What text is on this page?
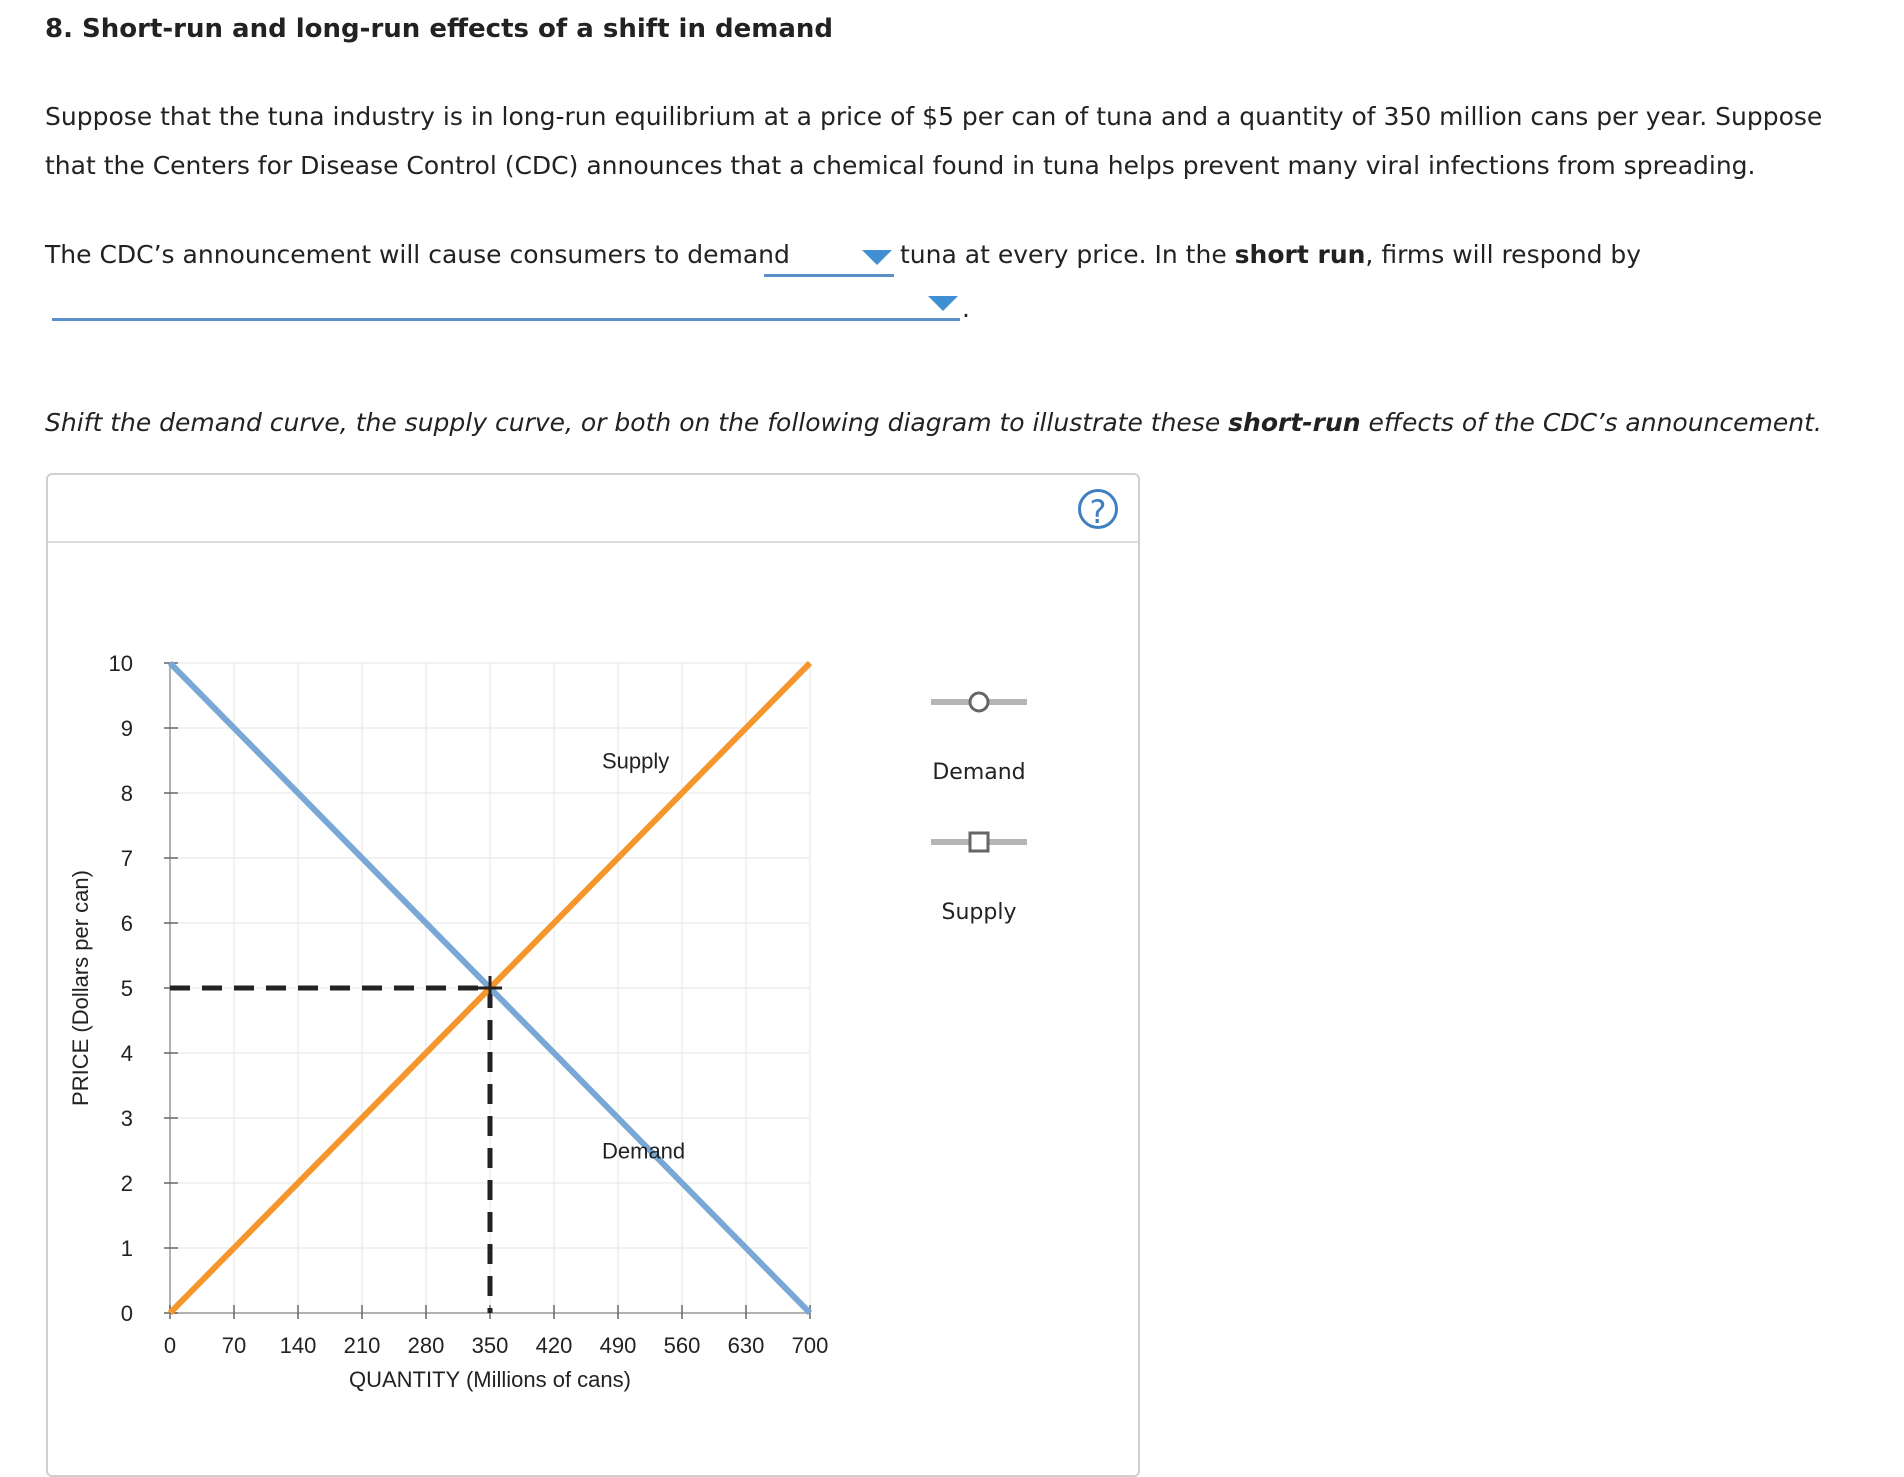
8. Short-run and long-run effects of a shift in demand
Suppose that the tuna industry is in long-run equilibrium at a price of $5 per can of tuna and a quantity of 350 million cans per year. Suppose that the Centers for Disease Control (CDC) announces that a chemical found in tuna helps prevent many viral infections from spreading.
The CDC’s announcement will cause consumers to demand	tuna at every price. In the short run, firms will respond by
.
Shift the demand curve, the supply curve, or both on the following diagram to illustrate these short-run effects of the CDC’s announcement.
?
0
1
2
3
4
5
6
7
8
9
10
0 70 140 210 280 350 420 490 560 630 700
QUANTITY (Millions of cans)
PRICE (Dollars per can)
Supply
Demand
Demand
Supply
